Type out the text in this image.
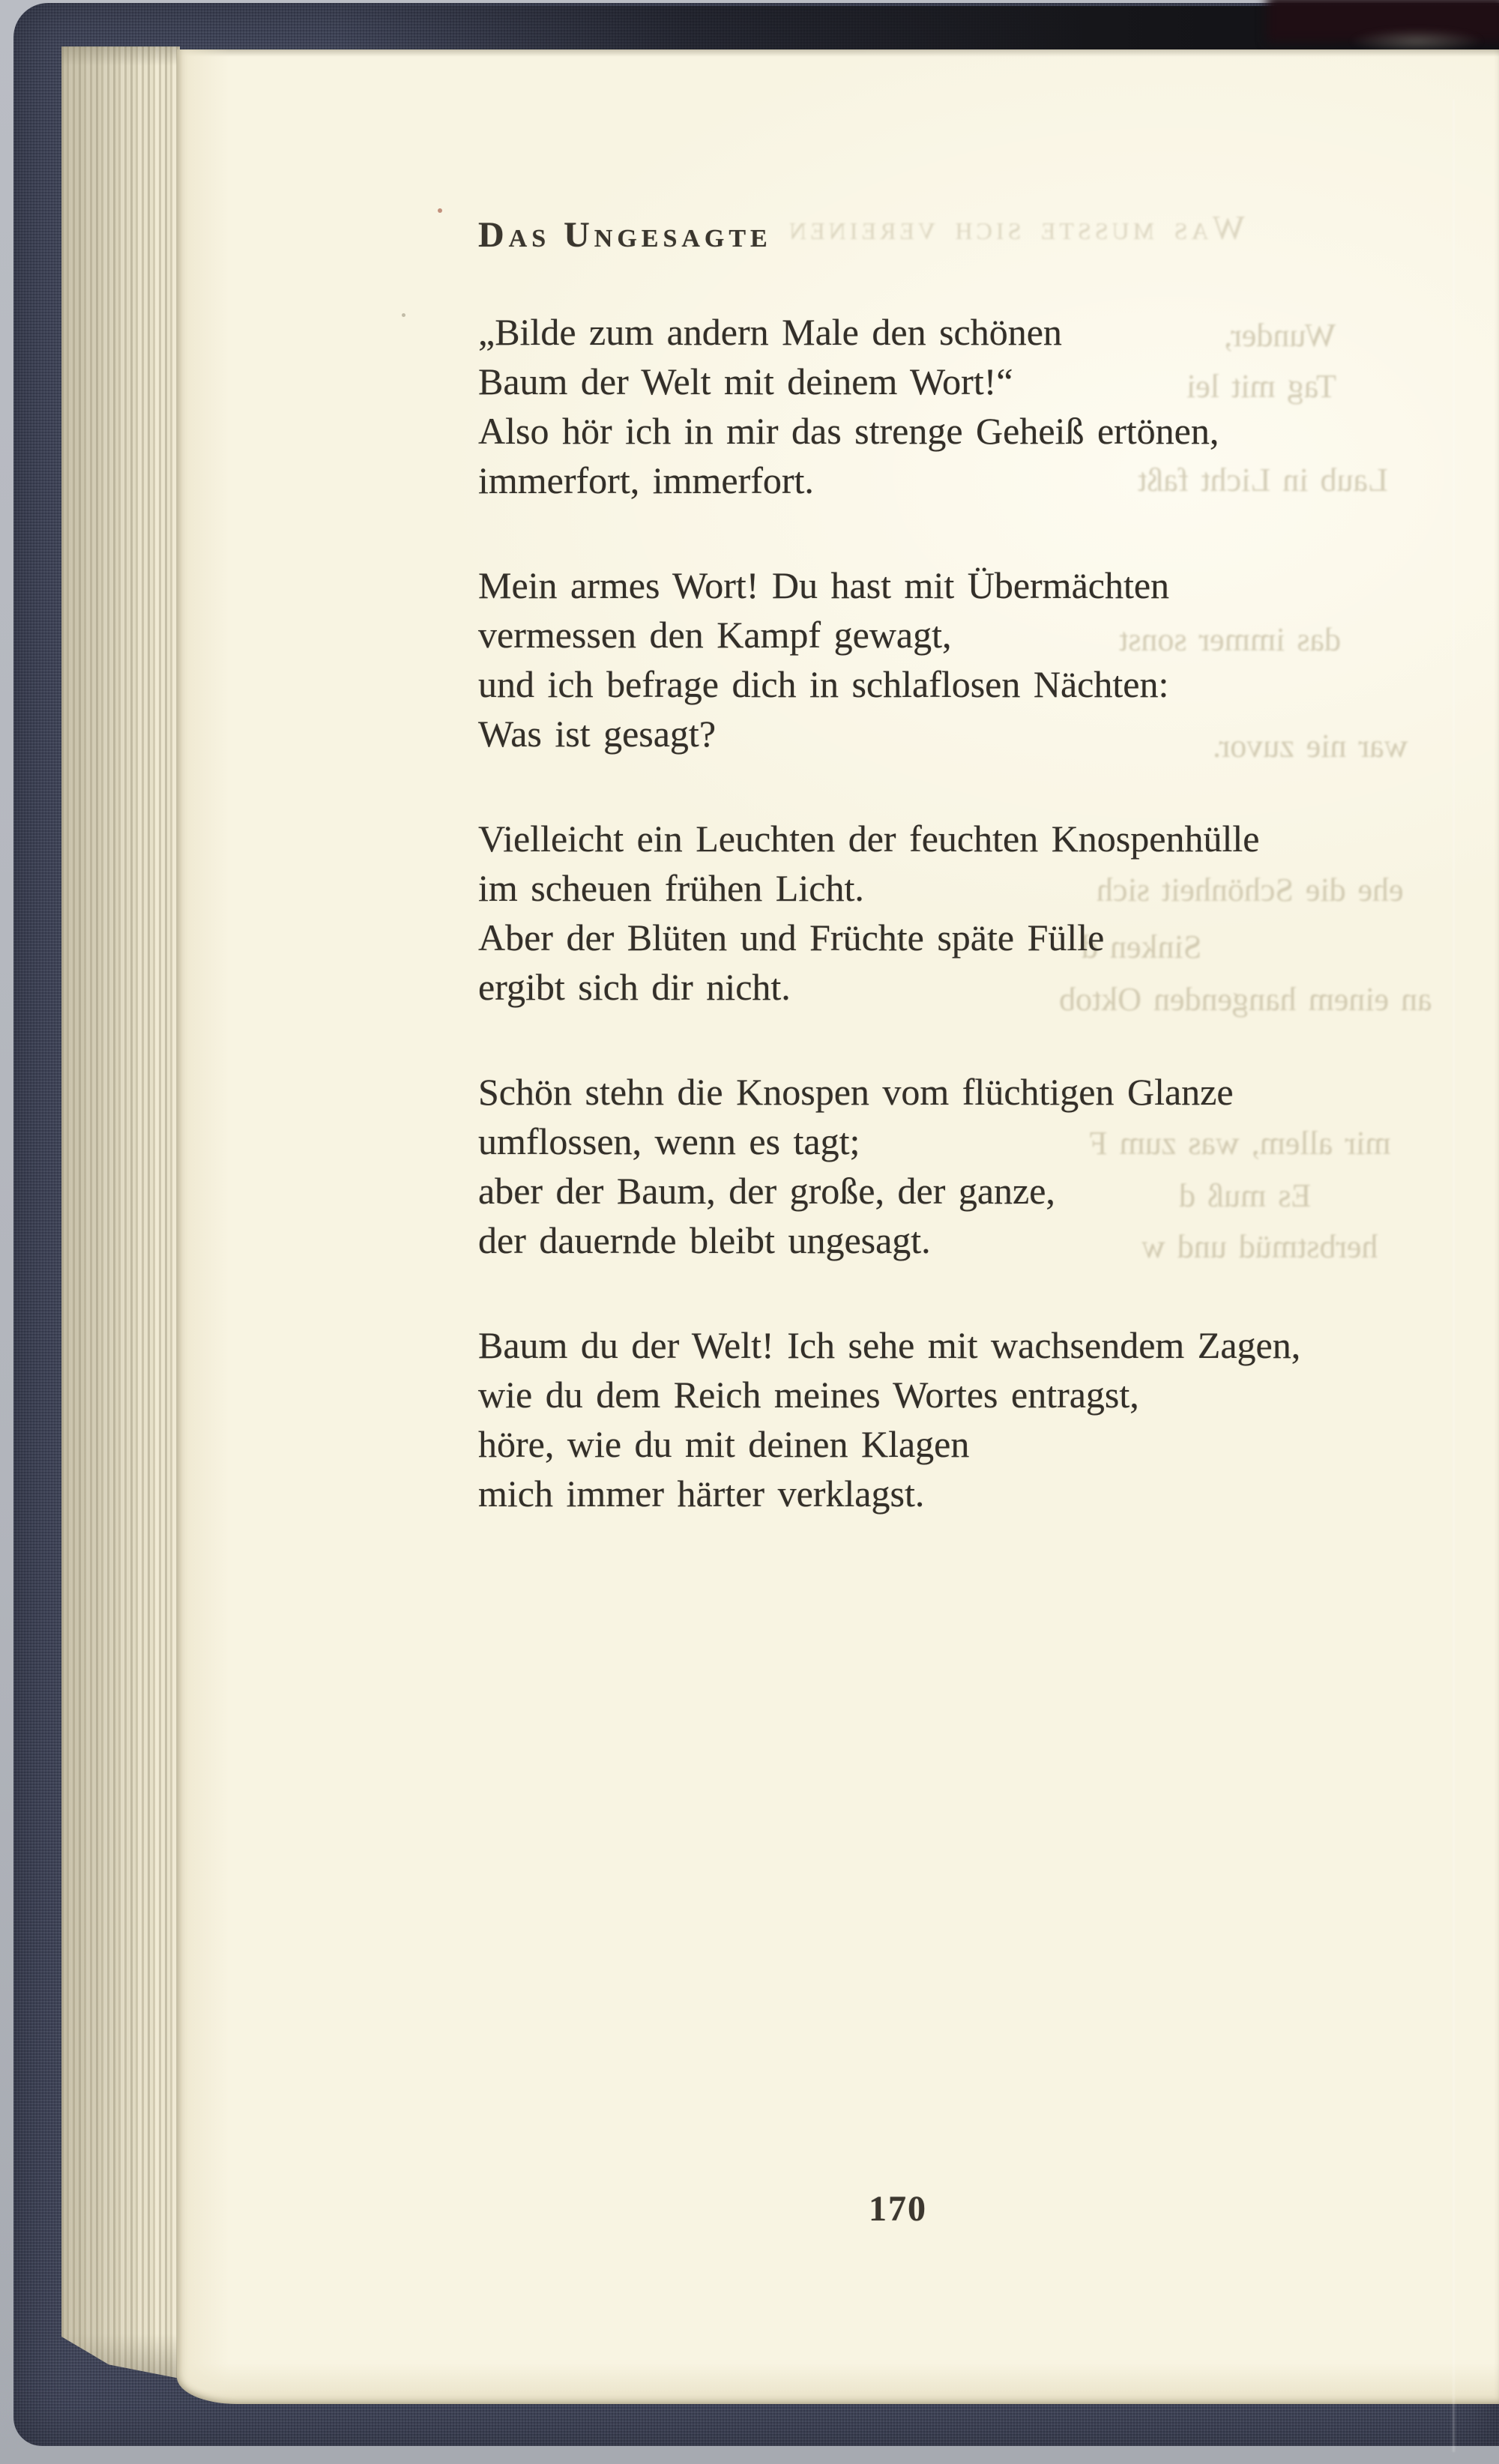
Was musste sich vereinen
Wunder,
Tag mit lei
Laub in Licht faßt
das immer sonst
war nie zuvor.
ehe die Schönheit sich
Sinken d
an einem hangenden Oktob
mir allem, was zum F
Es muß d
herbstmüd und w
Das Ungesagte
„Bilde zum andern Male den schönen
Baum der Welt mit deinem Wort!“
Also hör ich in mir das strenge Geheiß ertönen,
immerfort, immerfort.
Mein armes Wort! Du hast mit Übermächten
vermessen den Kampf gewagt,
und ich befrage dich in schlaflosen Nächten:
Was ist gesagt?
Vielleicht ein Leuchten der feuchten Knospenhülle
im scheuen frühen Licht.
Aber der Blüten und Früchte späte Fülle
ergibt sich dir nicht.
Schön stehn die Knospen vom flüchtigen Glanze
umflossen, wenn es tagt;
aber der Baum, der große, der ganze,
der dauernde bleibt ungesagt.
Baum du der Welt! Ich sehe mit wachsendem Zagen,
wie du dem Reich meines Wortes entragst,
höre, wie du mit deinen Klagen
mich immer härter verklagst.
170
